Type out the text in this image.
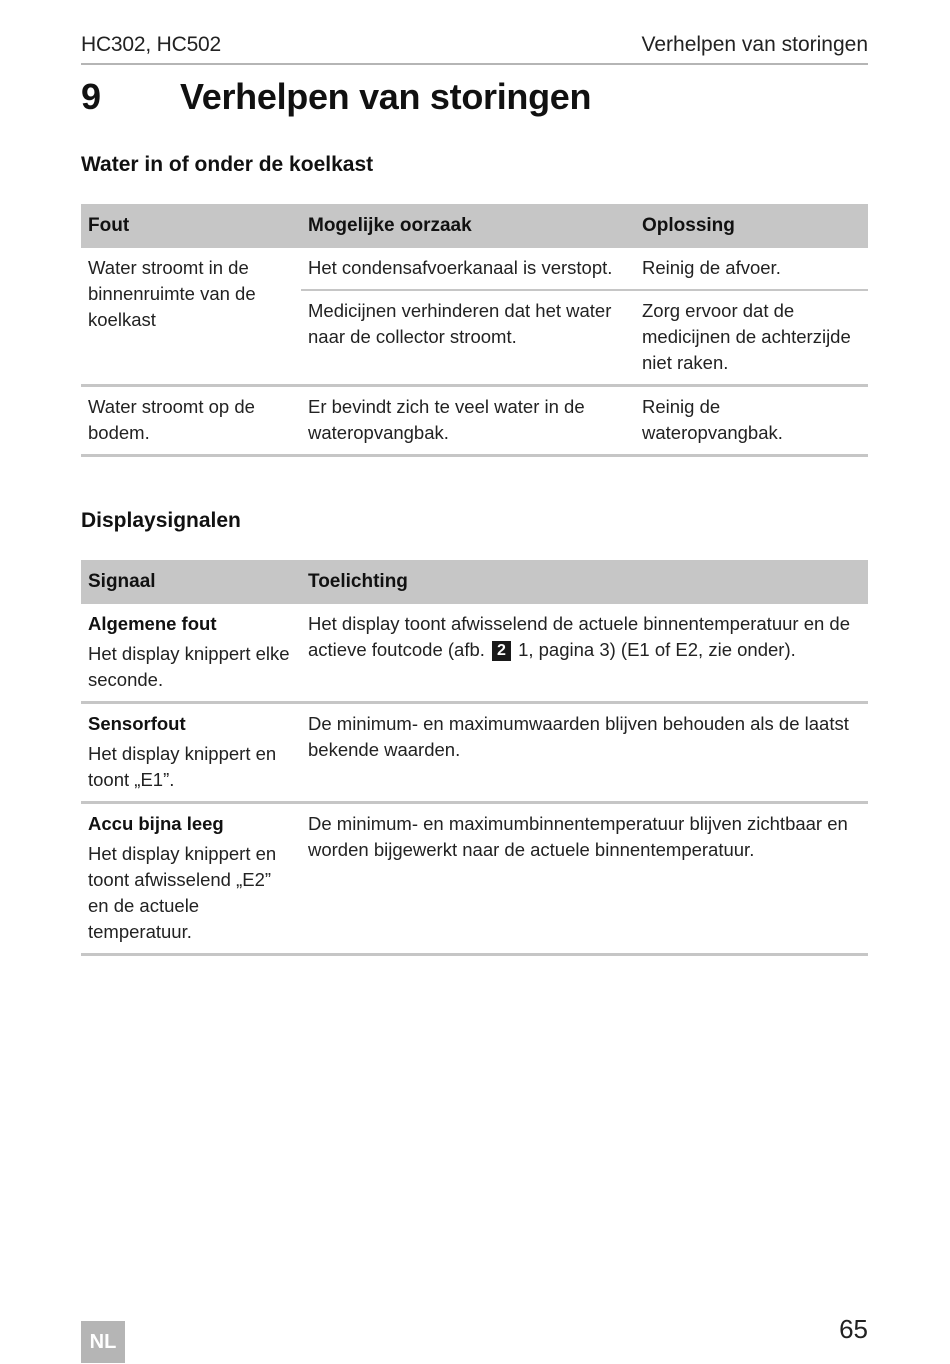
HC302, HC502	Verhelpen van storingen
9 Verhelpen van storingen
Water in of onder de koelkast
Fout	Mogelijke oorzaak	Oplossing
Water stroomt in de binnenruimte van de koelkast	Het condensafvoerkanaal is verstopt.	Reinig de afvoer.
	Medicijnen verhinderen dat het water naar de collector stroomt.	Zorg ervoor dat de medicijnen de achterzijde niet raken.
Water stroomt op de bodem.	Er bevindt zich te veel water in de wateropvangbak.	Reinig de wateropvangbak.
Displaysignalen
Signaal	Toelichting

Algemene fout
Het display knippert elke seconde.	Het display toont afwisselend de actuele binnentemperatuur en de actieve foutcode (afb. 2 1, pagina 3) (E1 of E2, zie onder).

Sensorfout
Het display knippert en toont „E1”.	De minimum- en maximumwaarden blijven behouden als de laatst bekende waarden.

Accu bijna leeg
Het display knippert en toont afwisselend „E2” en de actuele temperatuur.	De minimum- en maximumbinnentemperatuur blijven zichtbaar en worden bijgewerkt naar de actuele binnentemperatuur.
NL	65
